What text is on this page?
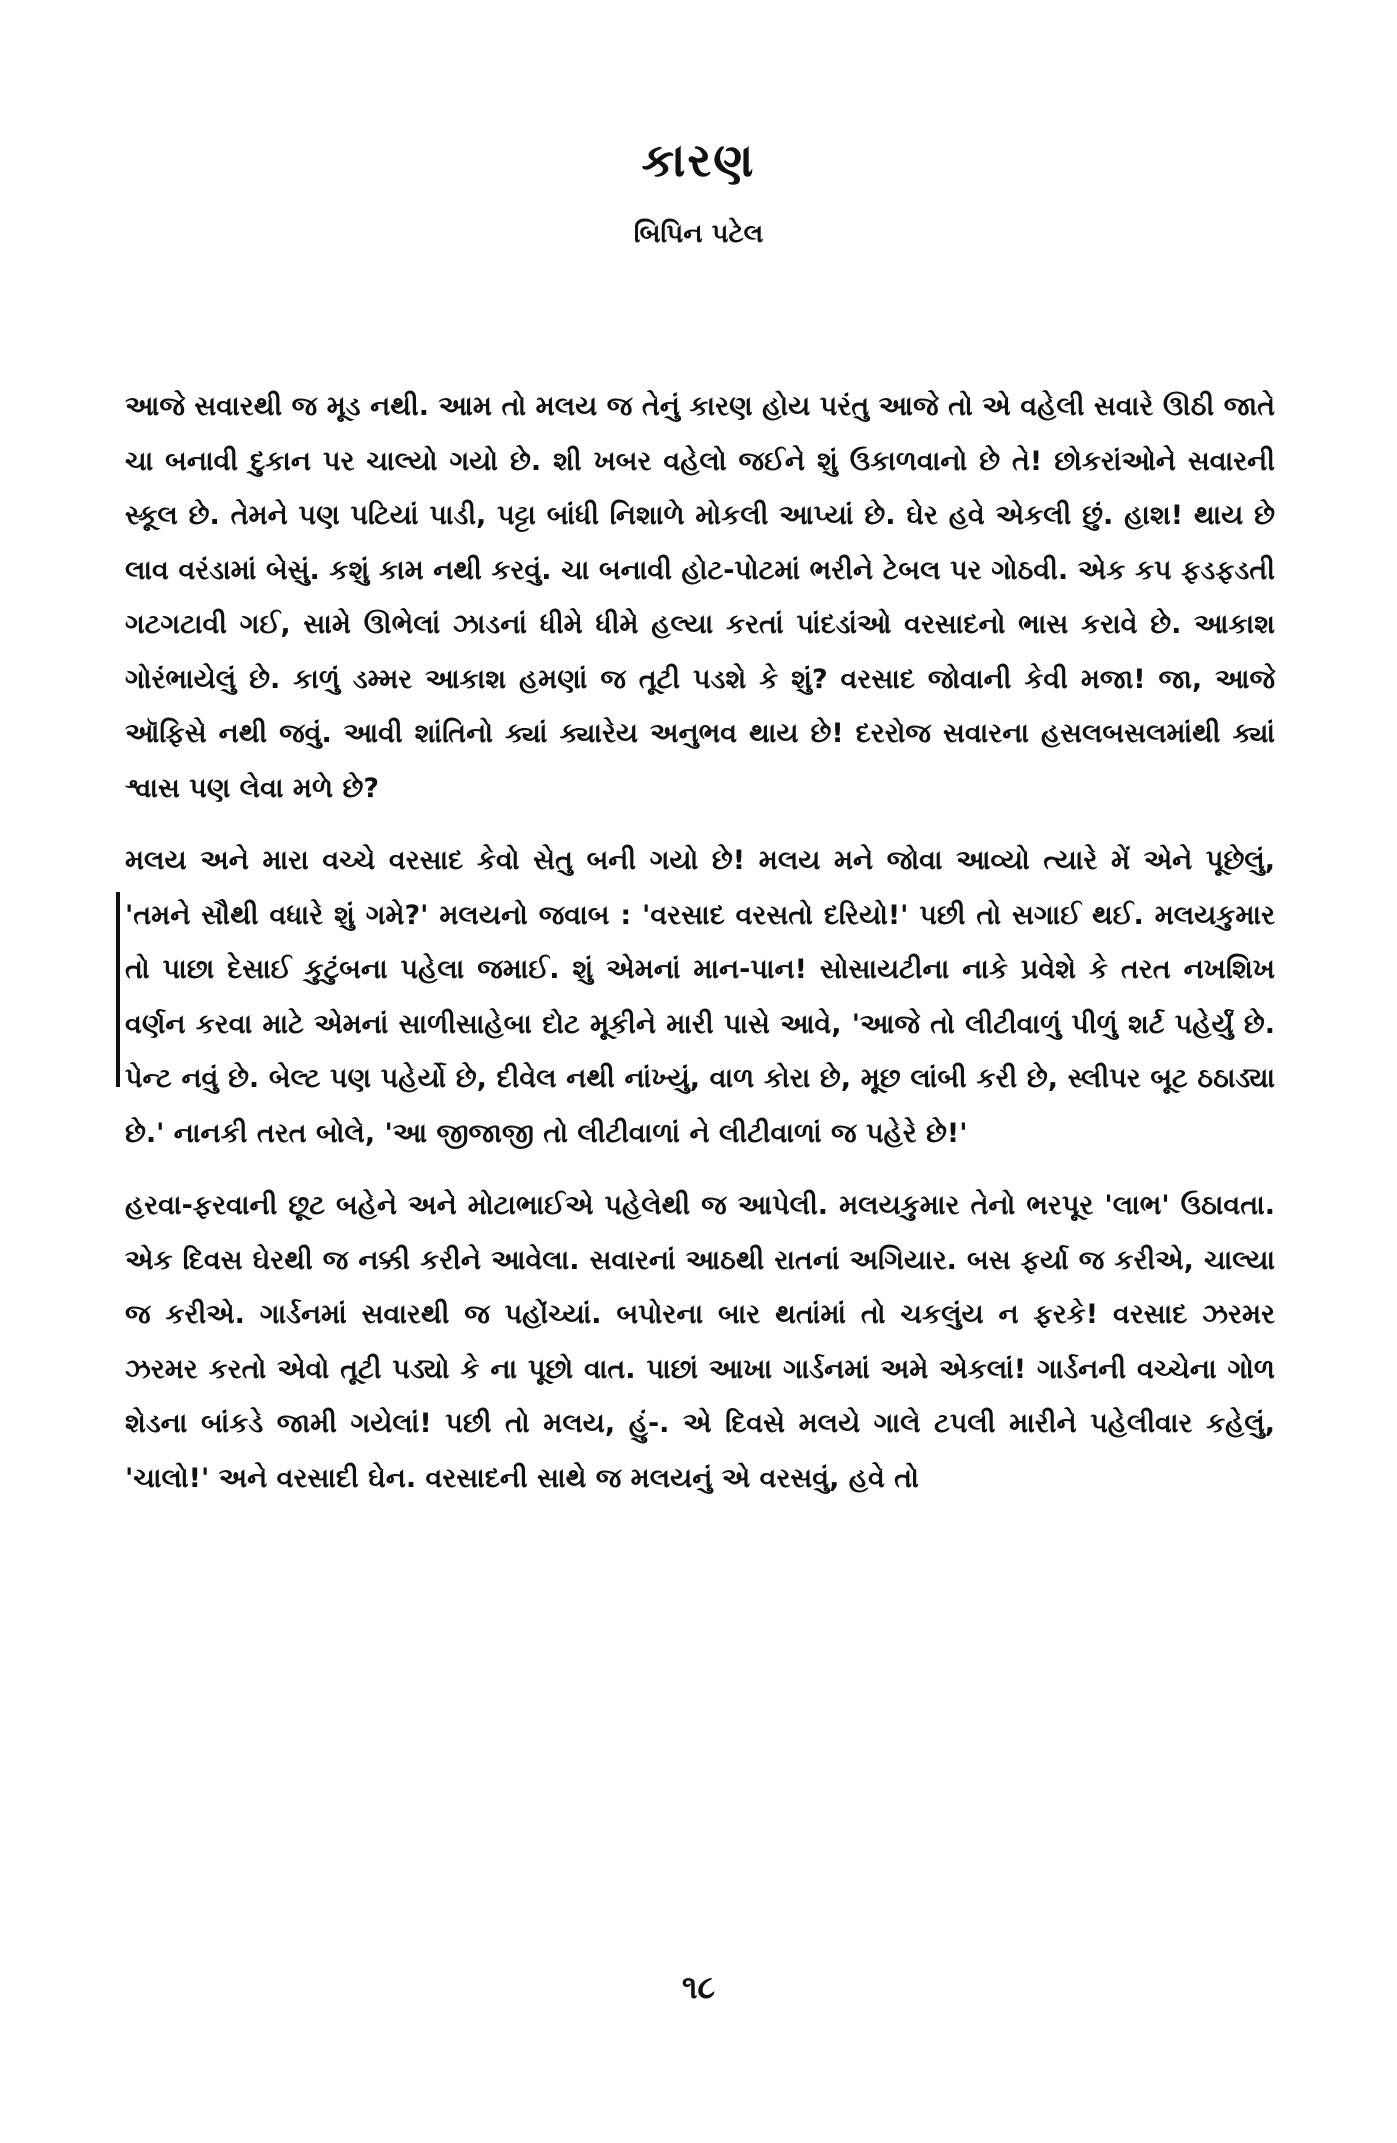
કારણ
બિપિન પટેલ

આજે સવારથી જ મૂડ નથી. આમ તો મલય જ તેનું કારણ હોય પરંતુ આજે તો એ વહેલી સવારે ઊઠી જાતે ચા બનાવી દુકાન પર ચાલ્યો ગયો છે. શી ખબર વહેલો જઈને શું ઉકાળવાનો છે તે! છોકરાંઓને સવારની સ્કૂલ છે. તેમને પણ પટિયાં પાડી, પટ્ટા બાંધી નિશાળે મોકલી આપ્યાં છે. ઘેર હવે એકલી છું. હાશ! થાય છે લાવ વરંડામાં બેસું. કશું કામ નથી કરવું. ચા બનાવી હોટ-પોટમાં ભરીને ટેબલ પર ગોઠવી. એક કપ ફડફડતી ગટગટાવી ગઈ, સામે ઊભેલાં ઝાડનાં ધીમે ધીમે હલ્યા કરતાં પાંદડાંઓ વરસાદનો ભાસ કરાવે છે. આકાશ ગોરંભાયેલું છે. કાળું ડમ્મર આકાશ હમણાં જ તૂટી પડશે કે શું? વરસાદ જોવાની કેવી મજા! જા, આજે ઑફિસે નથી જવું. આવી શાંતિનો ક્યાં ક્યારેય અનુભવ થાય છે! દરરોજ સવારના હસલબસલમાંથી ક્યાં શ્વાસ પણ લેવા મળે છે?

મલય અને મારા વચ્ચે વરસાદ કેવો સેતુ બની ગયો છે! મલય મને જોવા આવ્યો ત્યારે મેં એને પૂછેલું, 'તમને સૌથી વધારે શું ગમે?' મલયનો જવાબ : 'વરસાદ વરસતો દરિયો!' પછી તો સગાઈ થઈ. મલયકુમાર તો પાછા દેસાઈ કુટુંબના પહેલા જમાઈ. શું એમનાં માન-પાન! સોસાયટીના નાકે પ્રવેશે કે તરત નખશિખ વર્ણન કરવા માટે એમનાં સાળીસાહેબા દોટ મૂકીને મારી પાસે આવે, 'આજે તો લીટીવાળું પીળું શર્ટ પહેર્યું છે. પેન્ટ નવું છે. બેલ્ટ પણ પહેર્યો છે, દીવેલ નથી નાંખ્યું, વાળ કોરા છે, મૂછ લાંબી કરી છે, સ્લીપર બૂટ ઠઠાડ્યા છે.' નાનકી તરત બોલે, 'આ જીજાજી તો લીટીવાળાં ને લીટીવાળાં જ પહેરે છે!'

હરવા-ફરવાની છૂટ બહેને અને મોટાભાઈએ પહેલેથી જ આપેલી. મલયકુમાર તેનો ભરપૂર 'લાભ' ઉઠાવતા. એક દિવસ ઘેરથી જ નક્કી કરીને આવેલા. સવારનાં આઠથી રાતનાં અગિયાર. બસ ફર્યા જ કરીએ, ચાલ્યા જ કરીએ. ગાર્ડનમાં સવારથી જ પહોંચ્યાં. બપોરના બાર થતાંમાં તો ચકલુંય ન ફરકે! વરસાદ ઝરમર ઝરમર કરતો એવો તૂટી પડ્યો કે ના પૂછો વાત. પાછાં આખા ગાર્ડનમાં અમે એકલાં! ગાર્ડનની વચ્ચેના ગોળ શેડના બાંકડે જામી ગયેલાં! પછી તો મલય, હું-. એ દિવસે મલયે ગાલે ટપલી મારીને પહેલીવાર કહેલું, 'ચાલો!' અને વરસાદી ઘેન. વરસાદની સાથે જ મલયનું એ વરસવું, હવે તો

૧૮
